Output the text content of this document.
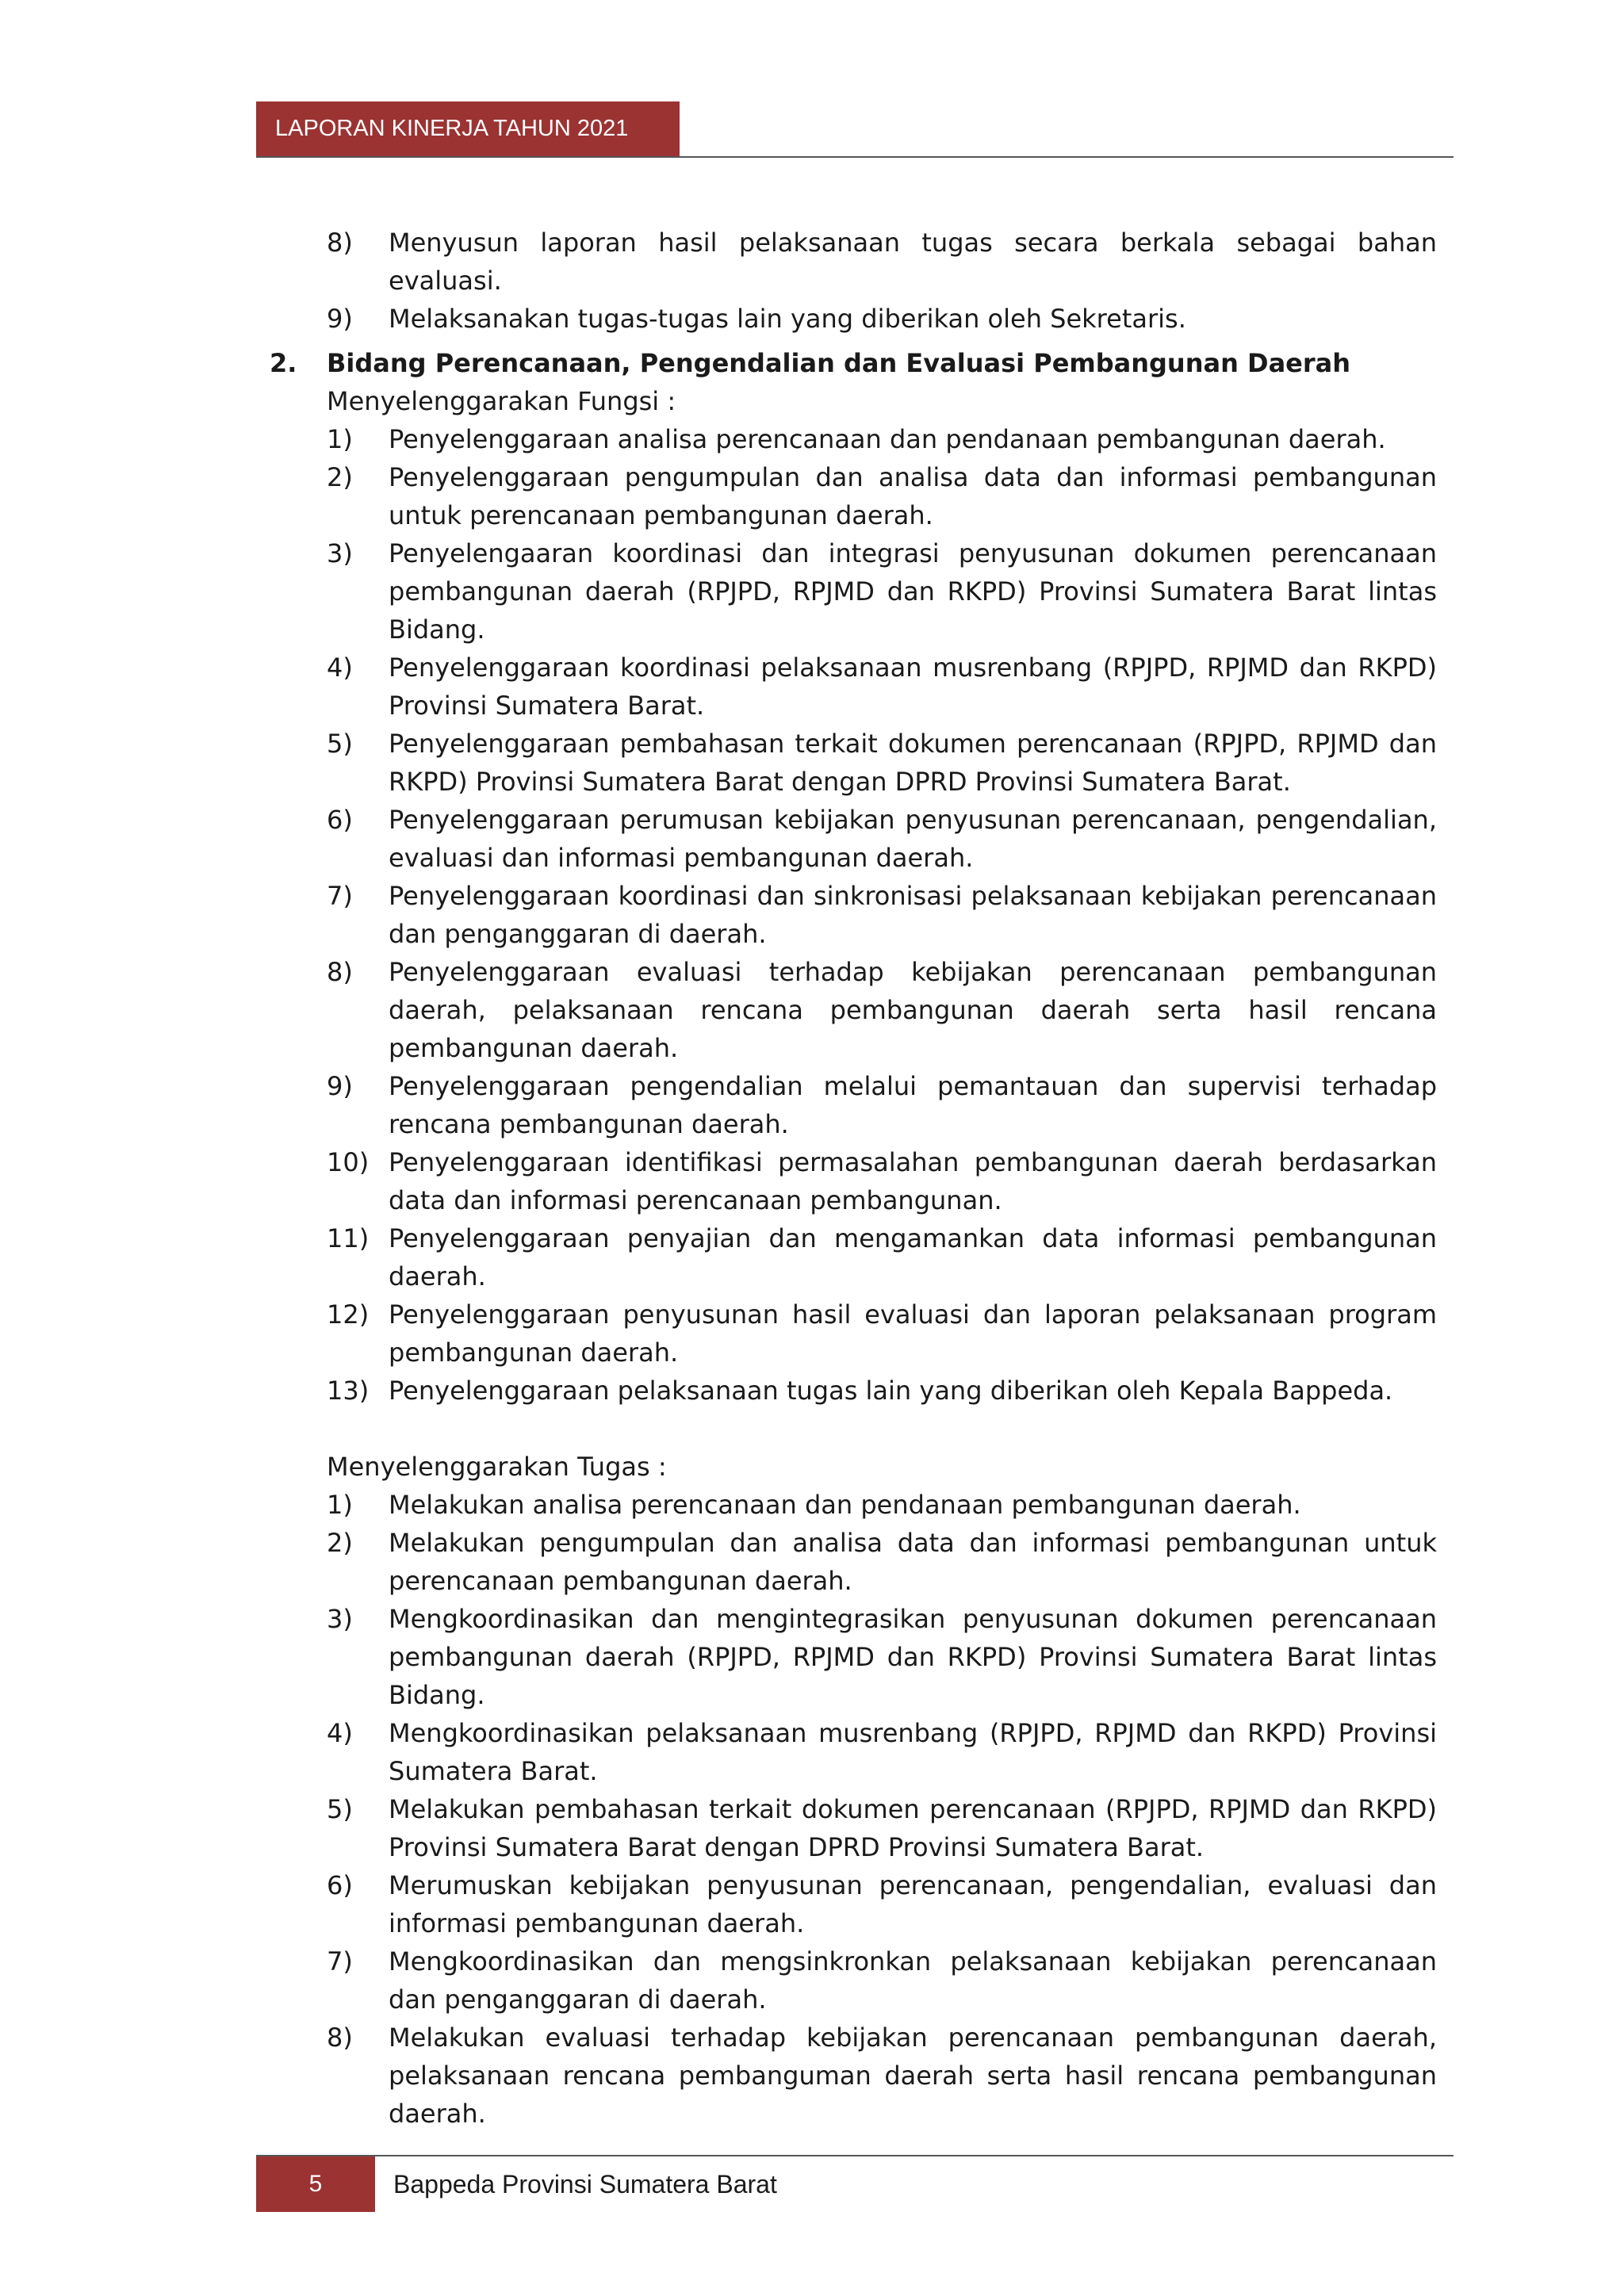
LAPORAN KINERJA TAHUN 2021
8)	Menyusun laporan hasil pelaksanaan tugas secara berkala sebagai bahan evaluasi.
9)	Melaksanakan tugas-tugas lain yang diberikan oleh Sekretaris.
2.	Bidang Perencanaan, Pengendalian dan Evaluasi Pembangunan Daerah

Menyelenggarakan Fungsi :

1)	Penyelenggaraan analisa perencanaan dan pendanaan pembangunan daerah.
2)	Penyelenggaraan pengumpulan dan analisa data dan informasi pembangunan untuk perencanaan pembangunan daerah.
3)	Penyelengaaran koordinasi dan integrasi penyusunan dokumen perencanaan pembangunan daerah (RPJPD, RPJMD dan RKPD) Provinsi Sumatera Barat lintas Bidang.
4)	Penyelenggaraan koordinasi pelaksanaan musrenbang (RPJPD, RPJMD dan RKPD) Provinsi Sumatera Barat.
5)	Penyelenggaraan pembahasan terkait dokumen perencanaan (RPJPD, RPJMD dan RKPD) Provinsi Sumatera Barat dengan DPRD Provinsi Sumatera Barat.
6)	Penyelenggaraan perumusan kebijakan penyusunan perencanaan, pengendalian, evaluasi dan informasi pembangunan daerah.
7)	Penyelenggaraan koordinasi dan sinkronisasi pelaksanaan kebijakan perencanaan dan penganggaran di daerah.
8)	Penyelenggaraan evaluasi terhadap kebijakan perencanaan pembangunan daerah, pelaksanaan rencana pembangunan daerah serta hasil rencana pembangunan daerah.
9)	Penyelenggaraan pengendalian melalui pemantauan dan supervisi terhadap rencana pembangunan daerah.
10) Penyelenggaraan identifikasi permasalahan pembangunan daerah berdasarkan data dan informasi perencanaan pembangunan.
11) Penyelenggaraan penyajian dan mengamankan data informasi pembangunan daerah.
12) Penyelenggaraan penyusunan hasil evaluasi dan laporan pelaksanaan program pembangunan daerah.
13) Penyelenggaraan pelaksanaan tugas lain yang diberikan oleh Kepala Bappeda.

Menyelenggarakan Tugas :

1)	Melakukan analisa perencanaan dan pendanaan pembangunan daerah.
2)	Melakukan pengumpulan dan analisa data dan informasi pembangunan untuk perencanaan pembangunan daerah.
3)	Mengkoordinasikan dan mengintegrasikan penyusunan dokumen perencanaan pembangunan daerah (RPJPD, RPJMD dan RKPD) Provinsi Sumatera Barat lintas Bidang.
4)	Mengkoordinasikan pelaksanaan musrenbang (RPJPD, RPJMD dan RKPD) Provinsi Sumatera Barat.
5)	Melakukan pembahasan terkait dokumen perencanaan (RPJPD, RPJMD dan RKPD) Provinsi Sumatera Barat dengan DPRD Provinsi Sumatera Barat.
6)	Merumuskan kebijakan penyusunan perencanaan, pengendalian, evaluasi dan informasi pembangunan daerah.
7)	Mengkoordinasikan dan mengsinkronkan pelaksanaan kebijakan perencanaan dan penganggaran di daerah.
8)	Melakukan evaluasi terhadap kebijakan perencanaan pembangunan daerah, pelaksanaan rencana pembanguman daerah serta hasil rencana pembangunan daerah.
5	Bappeda Provinsi Sumatera Barat
